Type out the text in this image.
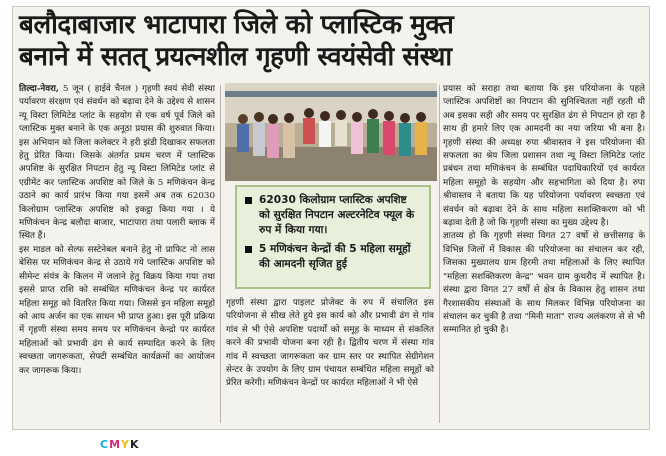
बलौदाबाजार भाटापारा जिले को प्लास्टिक मुक्त
बनाने में सतत् प्रयत्नशील गृहणी स्वयंसेवी संस्था
तिल्दा-नेवरा, 5 जून ( हाईवे चैनल ) गृहणी स्वयं सेवी संस्था पर्यावरण संरक्षण एवं संवर्धन को बढ़ावा देने के उद्देश्य से शासन न्यू विस्टा लिमिटेड प्लांट के सहयोग से एक वर्ष पूर्व जिले को प्लास्टिक मुक्त बनाने के एक अनूठा प्रयास की शुरुवात किया। इस अभियान को जिला कलेक्टर ने हरी झंडी दिखाकर सफलता हेतु प्रेरित किया। जिसके अंतर्गत प्रथम चरण में प्लास्टिक अपशिष्ट के सुरक्षित निपटान हेतु न्यू विस्टा लिमिटेड प्लांट से एग्रीमेंट कर प्लास्टिक अपशिष्ट को जिले के 5 मणिकंचन केन्द्र उठाने का कार्य प्रारंभ किया गया इसमें अब तक 62030 किलोग्राम प्लास्टिक अपशिष्ट को इकट्ठा किया गया । ये मणिकंचन केन्द्र बलौदा बाजार, भाटापारा तथा पलारी ब्लाक में स्थित हैं।
इस माडल को सेल्फ सस्टेनेबल बनाने हेतु नो प्राफिट नो लास बेसिस पर मणिकंचन केन्द्र से उठाये गये प्लास्टिक अपशिष्ट को सीमेन्ट संयंत्र के किलन में जलाने हेतु विक्रय किया गया तथा इससे प्राप्त राशि को सम्बंधित मणिकंचन केन्द्र पर कार्यरत महिला समूह को वितरित किया गया। जिससे इन महिला समूहो को आय अर्जन का एक साधन भी प्राप्त हुआ। इस पूरी प्रक्रिया में गृहणी संस्था समय समय पर मणिकंचन केन्द्रो पर कार्यरत महिलाओं को प्रभावी ढंग से कार्य सम्पादित करने के लिए स्वच्छता जागरूकता, सेफ्टी सम्बंधित कार्यक्रमों का आयोजन कर जागरूक किया।
62030 किलोग्राम प्लास्टिक अपशिष्ट को सुरक्षित निपटान अल्टरनेटिव फ्यूल के रुप में किया गया।
5 मणिकंचन केन्द्रों की 5 महिला समूहों की आमदनी सृजित हुई
गृहणी संस्था द्वारा पाइलट प्रोजेक्ट के रुप में संचालित इस परियोजना से सीख लेते हुये इस कार्य को और प्रभावी ढंग से गांव गांव से भी ऐसे अपशिष्ट पदार्थों को समूह के माध्यम से संकलित करने की प्रभावी योजना बना रही है। द्वितीय चरण में संस्था गांव गांव में स्वच्छता जागरूकता कर ग्राम स्तर पर स्थापित सेग्रीगेशन सेन्टर के उपयोग के लिए ग्राम पंचायत सम्बंधित महिला समूहों को प्रेरित करेगी। मणिकंचन केन्द्रों पर कार्यरत महिलाओं ने भी ऐसे
प्रयास को सराहा तथा बताया कि इस परियोजना के पहले प्लास्टिक अपशिष्टों का निपटान की सुनिश्चितता नहीं रहती थी अब इसका सही और समय पर सुरक्षित ढंग से निपटान हो रहा है साथ ही हमारे लिए एक आमदनी का नया जरिया भी बना है। गृहणी संस्था की अध्यक्ष रुपा श्रीवास्तव ने इस परियोजना की सफलता का श्रेय जिला प्रशासन तथा न्यू विस्टा लिमिटेड प्लांट प्रबंधन तथा मणिकंचन के सम्बंधित पदाधिकारियों एवं कार्यरत महिला समूहो के सहयोग और सहभागिता को दिया है। रुपा श्रीवास्तव ने बताया कि यह परियोजना पर्यावरण स्वच्छता एवं संवर्धन को बढ़ावा देने के साथ महिला सशक्तिकरण को भी बढ़ावा देती है जो कि गृहणी संस्था का मुख्य उद्देश्य है।
ज्ञातव्य हो कि गृहणी संस्था विगत 27 वर्षो से छत्तीसगढ़ के विभिन्न जिलों में विकास की परियोजना का संचालन कर रही, जिसका मुख्यालय ग्राम हिरमी तथा महिलाओं के लिए स्थापित "महिला सशक्तिकरण केन्द्र" भवन ग्राम कुथरौद में स्थापित है। संस्था द्वारा विगत 27 वर्षों से क्षेत्र के विकास हेतु शासन तथा गैरशासकीय संस्थाओं के साथ मिलकर विभिन्न परियोजना का संचालन कर चुकी है तथा "मिनी माता" राज्य अलंकरण से से भी सम्मानित हो चुकी है।
CMYK
